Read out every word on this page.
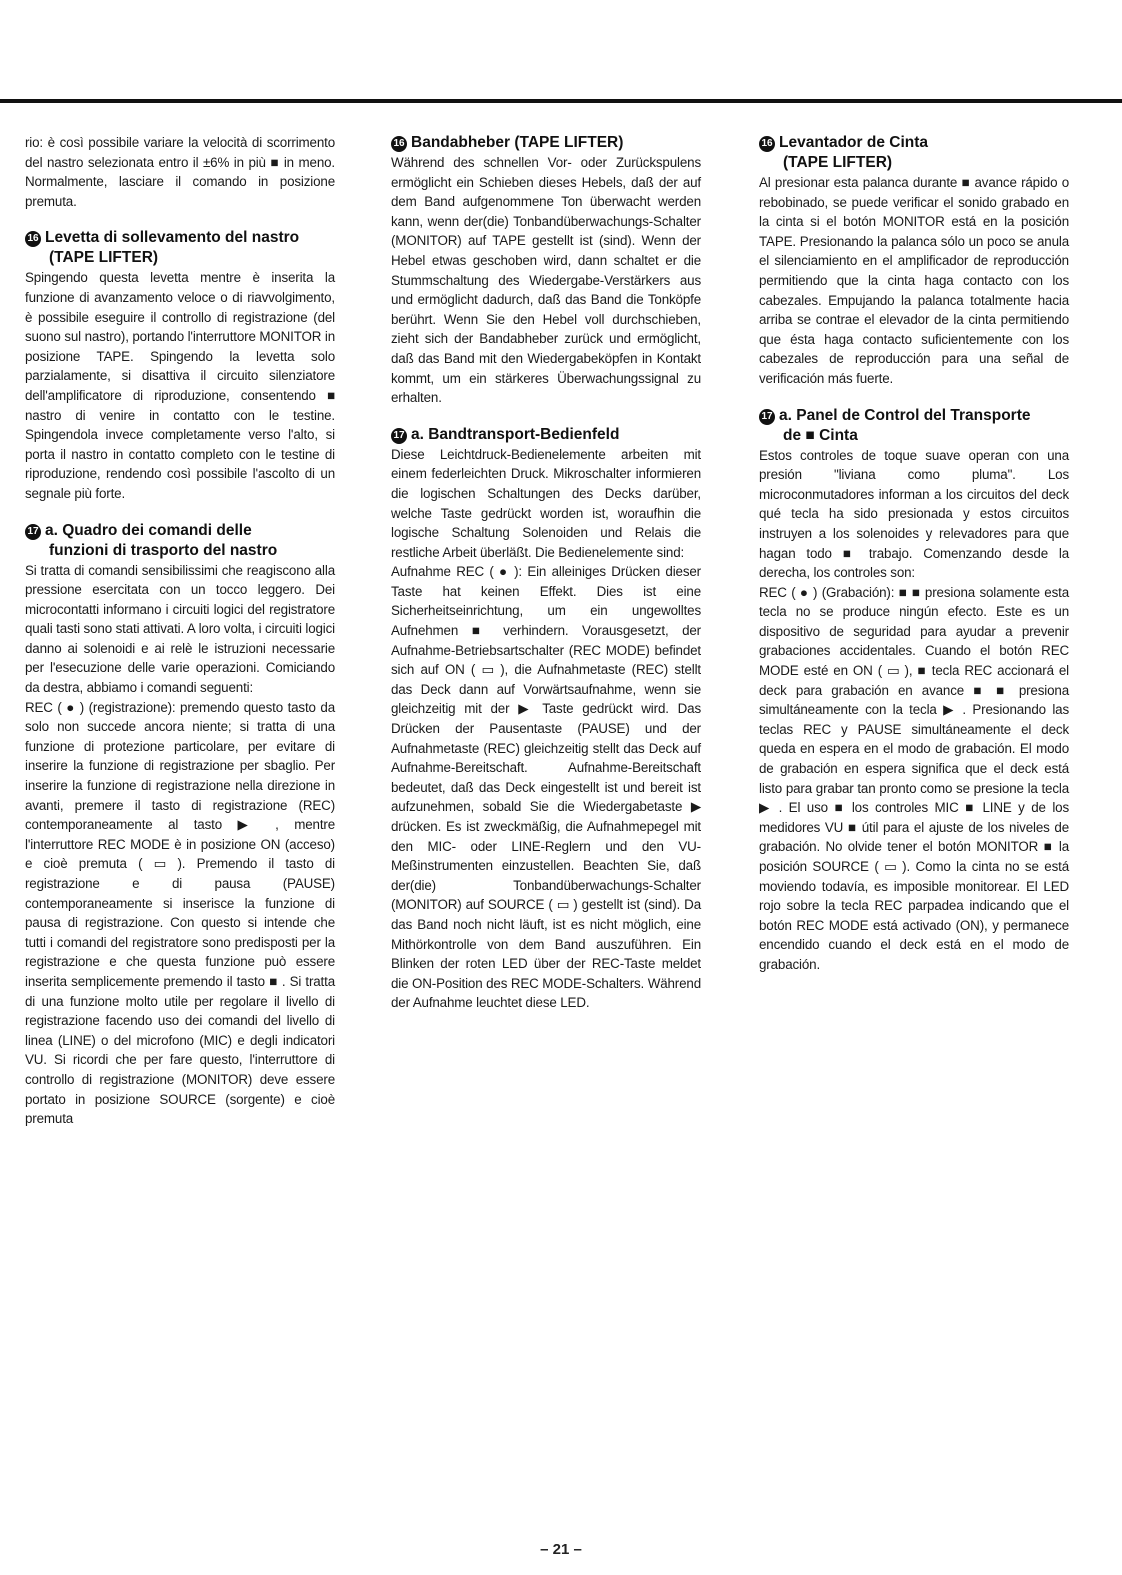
rio: è così possibile variare la velocità di scorrimento del nastro selezionata entro il ±6% in più ■ in meno. Normalmente, lasciare il comando in posizione premuta.

16 Levetta di sollevamento del nastro
(TAPE LIFTER)

Spingendo questa levetta mentre è inserita la funzione di avanzamento veloce o di riavvolgimento, è possibile eseguire il controllo di registrazione (del suono sul nastro), portando l'interruttore MONITOR in posizione TAPE. Spingendo la levetta solo parzialamente, si disattiva il circuito silenziatore dell'amplificatore di riproduzione, consentendo ■ nastro di venire in contatto con le testine. Spingendola invece completamente verso l'alto, si porta il nastro in contatto completo con le testine di riproduzione, rendendo così possibile l'ascolto di un segnale più forte.

17 a. Quadro dei comandi delle
funzioni di trasporto del nastro

Si tratta di comandi sensibilissimi che reagiscono alla pressione esercitata con un tocco leggero. Dei microcontatti informano i circuiti logici del registratore quali tasti sono stati attivati. A loro volta, i circuiti logici danno ai solenoidi e ai relè le istruzioni necessarie per l'esecuzione delle varie operazioni. Comiciando da destra, abbiamo i comandi seguenti:

REC ( ● ) (registrazione): premendo questo tasto da solo non succede ancora niente; si tratta di una funzione di protezione particolare, per evitare di inserire la funzione di registrazione per sbaglio. Per inserire la funzione di registrazione nella direzione in avanti, premere il tasto di registrazione (REC) contemporaneamente al tasto ▶ , mentre l'interruttore REC MODE è in posizione ON (acceso) e cioè premuta ( ▭ ). Premendo il tasto di registrazione e di pausa (PAUSE) contemporaneamente si inserisce la funzione di pausa di registrazione. Con questo si intende che tutti i comandi del registratore sono predisposti per la registrazione e che questa funzione può essere inserita semplicemente premendo il tasto ■ . Si tratta di una funzione molto utile per regolare il livello di registrazione facendo uso dei comandi del livello di linea (LINE) o del microfono (MIC) e degli indicatori VU. Si ricordi che per fare questo, l'interruttore di controllo di registrazione (MONITOR) deve essere portato in posizione SOURCE (sorgente) e cioè premuta

16 Bandabheber (TAPE LIFTER)

Während des schnellen Vor- oder Zurückspulens ermöglicht ein Schieben dieses Hebels, daß der auf dem Band aufgenommene Ton überwacht werden kann, wenn der(die) Tonbandüberwachungs-Schalter (MONITOR) auf TAPE gestellt ist (sind). Wenn der Hebel etwas geschoben wird, dann schaltet er die Stummschaltung des Wiedergabe-Verstärkers aus und ermöglicht dadurch, daß das Band die Tonköpfe berührt. Wenn Sie den Hebel voll durchschieben, zieht sich der Bandabheber zurück und ermöglicht, daß das Band mit den Wiedergabeköpfen in Kontakt kommt, um ein stärkeres Überwachungssignal zu erhalten.

17 a. Bandtransport-Bedienfeld

Diese Leichtdruck-Bedienelemente arbeiten mit einem federleichten Druck. Mikroschalter informieren die logischen Schaltungen des Decks darüber, welche Taste gedrückt worden ist, woraufhin die logische Schaltung Solenoiden und Relais die restliche Arbeit überläßt. Die Bedienelemente sind:

Aufnahme REC ( ● ): Ein alleiniges Drücken dieser Taste hat keinen Effekt. Dies ist eine Sicherheitseinrichtung, um ein ungewolltes Aufnehmen ■ verhindern. Vorausgesetzt, der Aufnahme-Betriebsartschalter (REC MODE) befindet sich auf ON ( ▭ ), die Aufnahmetaste (REC) stellt das Deck dann auf Vorwärtsaufnahme, wenn sie gleichzeitig mit der ▶ Taste gedrückt wird. Das Drücken der Pausentaste (PAUSE) und der Aufnahmetaste (REC) gleichzeitig stellt das Deck auf Aufnahme-Bereitschaft. Aufnahme-Bereitschaft bedeutet, daß das Deck eingestellt ist und bereit ist aufzunehmen, sobald Sie die Wiedergabetaste ▶ drücken. Es ist zweckmäßig, die Aufnahmepegel mit den MIC- oder LINE-Reglern und den VU-Meßinstrumenten einzustellen. Beachten Sie, daß der(die) Tonbandüberwachungs-Schalter (MONITOR) auf SOURCE ( ▭ ) gestellt ist (sind). Da das Band noch nicht läuft, ist es nicht möglich, eine Mithörkontrolle von dem Band auszuführen. Ein Blinken der roten LED über der REC-Taste meldet die ON-Position des REC MODE-Schalters. Während der Aufnahme leuchtet diese LED.

16 Levantador de Cinta
(TAPE LIFTER)

Al presionar esta palanca durante ■ avance rápido o rebobinado, se puede verificar el sonido grabado en la cinta si el botón MONITOR está en la posición TAPE. Presionando la palanca sólo un poco se anula el silenciamiento en el amplificador de reproducción permitiendo que la cinta haga contacto con los cabezales. Empujando la palanca totalmente hacia arriba se contrae el elevador de la cinta permitiendo que ésta haga contacto suficientemente con los cabezales de reproducción para una señal de verificación más fuerte.

17 a. Panel de Control del Transporte
de ■ Cinta

Estos controles de toque suave operan con una presión "liviana como pluma". Los microconmutadores informan a los circuitos del deck qué tecla ha sido presionada y estos circuitos instruyen a los solenoides y relevadores para que hagan todo ■ trabajo. Comenzando desde la derecha, los controles son:

REC ( ● ) (Grabación): ■ ■ presiona solamente esta tecla no se produce ningún efecto. Este es un dispositivo de seguridad para ayudar a prevenir grabaciones accidentales. Cuando el botón REC MODE esté en ON ( ▭ ), ■ tecla REC accionará el deck para grabación en avance ■ ■ presiona simultáneamente con la tecla ▶ . Presionando las teclas REC y PAUSE simultáneamente el deck queda en espera en el modo de grabación. El modo de grabación en espera significa que el deck está listo para grabar tan pronto como se presione la tecla ▶ . El uso ■ los controles MIC ■ LINE y de los medidores VU ■ útil para el ajuste de los niveles de grabación. No olvide tener el botón MONITOR ■ la posición SOURCE ( ▭ ). Como la cinta no se está moviendo todavía, es imposible monitorear. El LED rojo sobre la tecla REC parpadea indicando que el botón REC MODE está activado (ON), y permanece encendido cuando el deck está en el modo de grabación.

– 21 –
